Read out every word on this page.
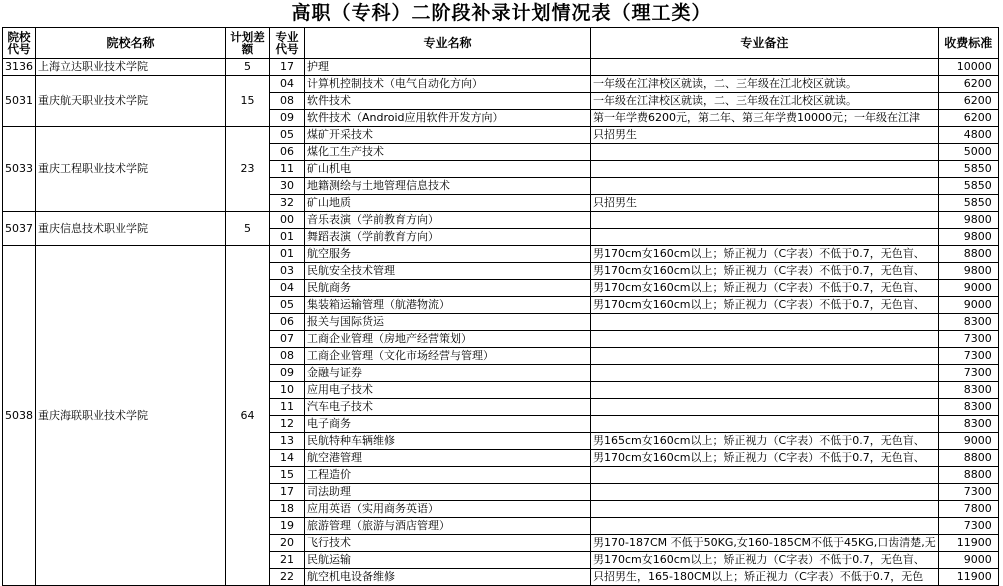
高职（专科）二阶段补录计划情况表（理工类）
院校代号	院校名称	计划差额	专业代号	专业名称	专业备注	收费标准
3136	上海立达职业技术学院	5	17	护理		10000
5031	重庆航天职业技术学院	15	04	计算机控制技术（电气自动化方向）	一年级在江津校区就读，二、三年级在江北校区就读。	6200
			08	软件技术	一年级在江津校区就读，二、三年级在江北校区就读。	6200
			09	软件技术（Android应用软件开发方向）	第一年学费6200元，第二年、第三年学费10000元；一年级在江津	6200
5033	重庆工程职业技术学院	23	05	煤矿开采技术	只招男生	4800
			06	煤化工生产技术		5000
			11	矿山机电		5850
			30	地籍测绘与土地管理信息技术		5850
			32	矿山地质	只招男生	5850
5037	重庆信息技术职业学院	5	00	音乐表演（学前教育方向）		9800
			01	舞蹈表演（学前教育方向）		9800
5038	重庆海联职业技术学院	64	01	航空服务	男170cm女160cm以上；矫正视力（C字表）不低于0.7，无色盲、	8800
			03	民航安全技术管理	男170cm女160cm以上；矫正视力（C字表）不低于0.7，无色盲、	9800
			04	民航商务	男170cm女160cm以上；矫正视力（C字表）不低于0.7，无色盲、	9000
			05	集装箱运输管理（航港物流）	男170cm女160cm以上；矫正视力（C字表）不低于0.7，无色盲、	9000
			06	报关与国际货运		8300
			07	工商企业管理（房地产经营策划）		7300
			08	工商企业管理（文化市场经营与管理）		7300
			09	金融与证券		7300
			10	应用电子技术		8300
			11	汽车电子技术		8300
			12	电子商务		8300
			13	民航特种车辆维修	男165cm女160cm以上；矫正视力（C字表）不低于0.7，无色盲、	9000
			14	航空港管理	男170cm女160cm以上；矫正视力（C字表）不低于0.7，无色盲、	8800
			15	工程造价		8800
			17	司法助理		7300
			18	应用英语（实用商务英语）		7800
			19	旅游管理（旅游与酒店管理）		7300
			20	飞行技术	男170-187CM 不低于50KG,女160-185CM不低于45KG,口齿清楚,无	11900
			21	民航运输	男170cm女160cm以上；矫正视力（C字表）不低于0.7，无色盲、	9000
			22	航空机电设备维修	只招男生，165-180CM以上；矫正视力（C字表）不低于0.7，无色	11900
